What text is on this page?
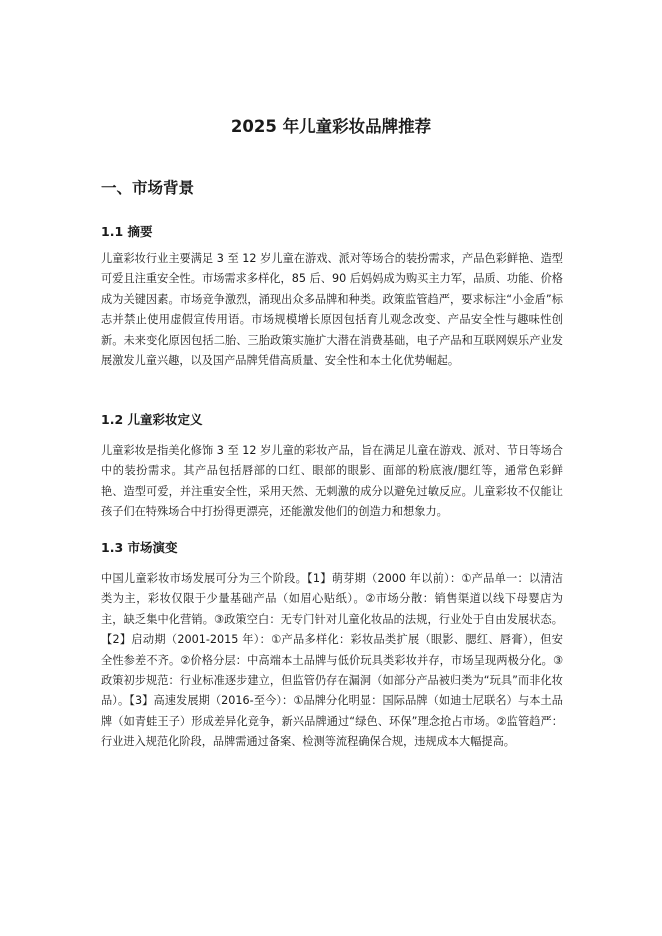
2025 年儿童彩妆品牌推荐
一、市场背景
1.1 摘要
儿童彩妆行业主要满足 3 至 12 岁儿童在游戏、派对等场合的装扮需求，产品色彩鲜艳、造型可爱且注重安全性。市场需求多样化，85 后、90 后妈妈成为购买主力军，品质、功能、价格成为关键因素。市场竞争激烈，涌现出众多品牌和种类。政策监管趋严，要求标注“小金盾”标志并禁止使用虚假宣传用语。市场规模增长原因包括育儿观念改变、产品安全性与趣味性创新。未来变化原因包括二胎、三胎政策实施扩大潜在消费基础，电子产品和互联网娱乐产业发展激发儿童兴趣，以及国产品牌凭借高质量、安全性和本土化优势崛起。
1.2 儿童彩妆定义
儿童彩妆是指美化修饰 3 至 12 岁儿童的彩妆产品，旨在满足儿童在游戏、派对、节日等场合中的装扮需求。其产品包括唇部的口红、眼部的眼影、面部的粉底液/腮红等，通常色彩鲜艳、造型可爱，并注重安全性，采用天然、无刺激的成分以避免过敏反应。儿童彩妆不仅能让孩子们在特殊场合中打扮得更漂亮，还能激发他们的创造力和想象力。
1.3 市场演变
中国儿童彩妆市场发展可分为三个阶段。【1】萌芽期（2000 年以前）：①产品单一：以清洁类为主，彩妆仅限于少量基础产品（如眉心贴纸）。②市场分散：销售渠道以线下母婴店为主，缺乏集中化营销。③政策空白：无专门针对儿童化妆品的法规，行业处于自由发展状态。【2】启动期（2001-2015 年）：①产品多样化：彩妆品类扩展（眼影、腮红、唇膏），但安全性参差不齐。②价格分层：中高端本土品牌与低价玩具类彩妆并存，市场呈现两极分化。③政策初步规范：行业标准逐步建立，但监管仍存在漏洞（如部分产品被归类为“玩具”而非化妆品）。【3】高速发展期（2016-至今）：①品牌分化明显：国际品牌（如迪士尼联名）与本土品牌（如青蛙王子）形成差异化竞争，新兴品牌通过“绿色、环保”理念抢占市场。②监管趋严：行业进入规范化阶段，品牌需通过备案、检测等流程确保合规，违规成本大幅提高。
